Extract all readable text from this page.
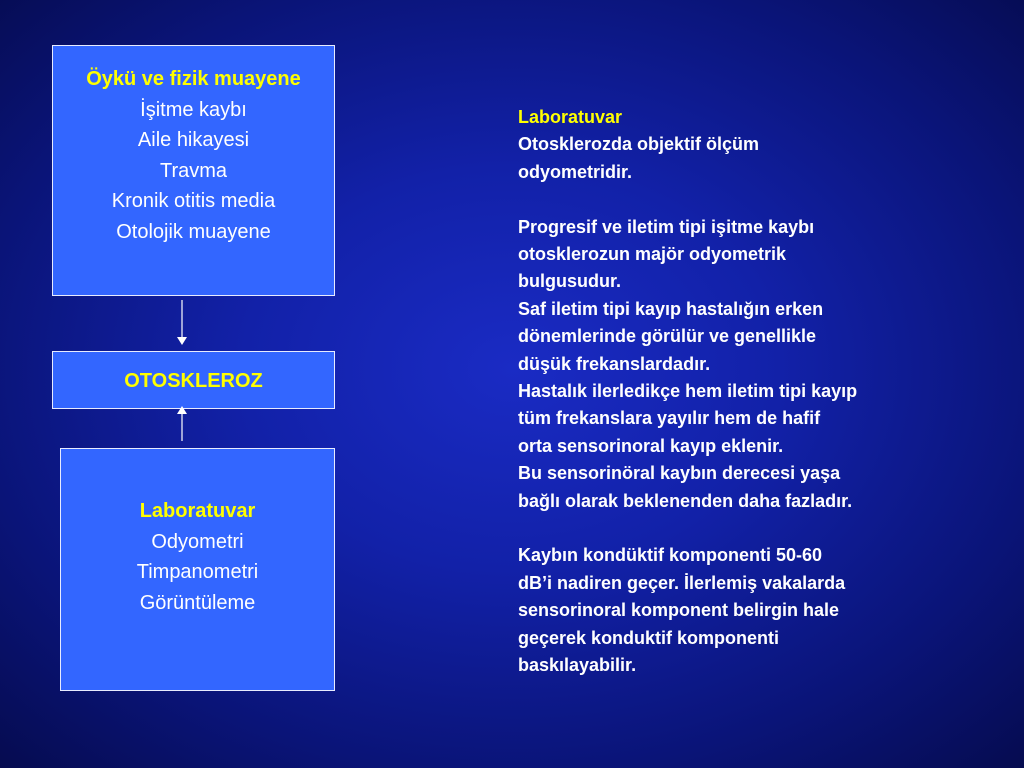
Öykü ve fizik muayene
İşitme kaybı
Aile hikayesi
Travma
Kronik otitis media
Otolojik muayene
OTOSKLEROZ
Laboratuvar
Odyometri
Timpanometri
Görüntüleme
Laboratuvar
Otosklerozda objektif ölçüm
odyometridir.
Progresif ve iletim tipi işitme kaybı
otosklerozun majör odyometrik
bulgusudur.
Saf iletim tipi kayıp hastalığın erken
dönemlerinde görülür ve genellikle
düşük frekanslardadır.
Hastalık ilerledikçe hem iletim tipi kayıp
tüm frekanslara yayılır hem de hafif
orta sensorinoral kayıp eklenir.
Bu sensorinöral kaybın derecesi yaşa
bağlı olarak beklenenden daha fazladır.
Kaybın kondüktif komponenti 50-60
dB’i nadiren geçer. İlerlemiş vakalarda
sensorinoral komponent belirgin hale
geçerek konduktif komponenti
baskılayabilir.
